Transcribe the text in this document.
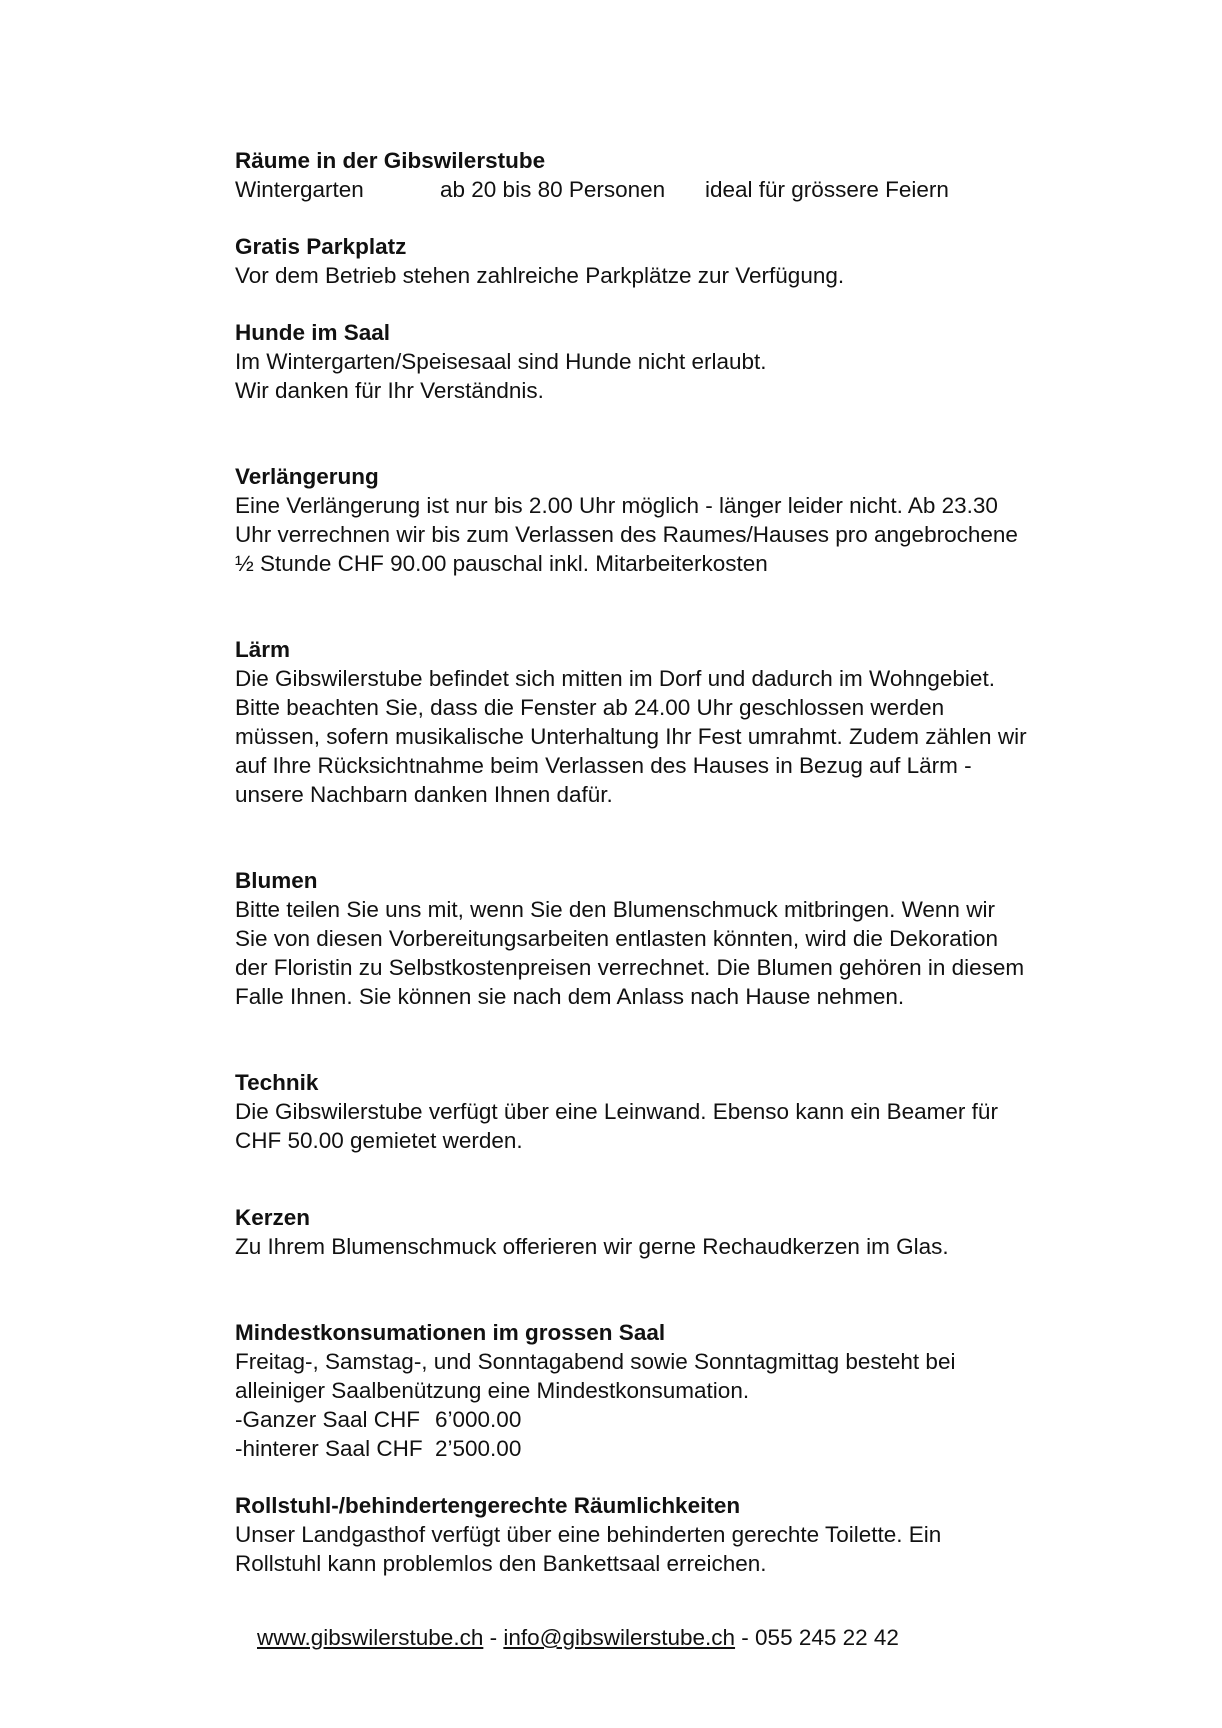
Räume in der Gibswilerstube
Wintergarten	ab 20 bis 80 Personen	ideal für grössere Feiern
Gratis Parkplatz

Vor dem Betrieb stehen zahlreiche Parkplätze zur Verfügung.

Hunde im Saal

Im Wintergarten/Speisesaal sind Hunde nicht erlaubt.

Wir danken für Ihr Verständnis.

Verlängerung

Eine Verlängerung ist nur bis 2.00 Uhr möglich - länger leider nicht. Ab 23.30

Uhr verrechnen wir bis zum Verlassen des Raumes/Hauses pro angebrochene

½ Stunde CHF 90.00 pauschal inkl. Mitarbeiterkosten

Lärm

Die Gibswilerstube befindet sich mitten im Dorf und dadurch im Wohngebiet.

Bitte beachten Sie, dass die Fenster ab 24.00 Uhr geschlossen werden

müssen, sofern musikalische Unterhaltung Ihr Fest umrahmt. Zudem zählen wir

auf Ihre Rücksichtnahme beim Verlassen des Hauses in Bezug auf Lärm -

unsere Nachbarn danken Ihnen dafür.

Blumen

Bitte teilen Sie uns mit, wenn Sie den Blumenschmuck mitbringen. Wenn wir

Sie von diesen Vorbereitungsarbeiten entlasten könnten, wird die Dekoration

der Floristin zu Selbstkostenpreisen verrechnet. Die Blumen gehören in diesem

Falle Ihnen. Sie können sie nach dem Anlass nach Hause nehmen.

Technik

Die Gibswilerstube verfügt über eine Leinwand. Ebenso kann ein Beamer für

CHF 50.00 gemietet werden.

Kerzen

Zu Ihrem Blumenschmuck offerieren wir gerne Rechaudkerzen im Glas.

Mindestkonsumationen im grossen Saal

Freitag-, Samstag-, und Sonntagabend sowie Sonntagmittag besteht bei

alleiniger Saalbenützung eine Mindestkonsumation.

-Ganzer Saal CHF 6’000.00
-hinterer Saal CHF 2’500.00
Rollstuhl-/behindertengerechte Räumlichkeiten

Unser Landgasthof verfügt über eine behinderten gerechte Toilette. Ein

Rollstuhl kann problemlos den Bankettsaal erreichen.

www.gibswilerstube.ch - info@gibswilerstube.ch - 055 245 22 42
